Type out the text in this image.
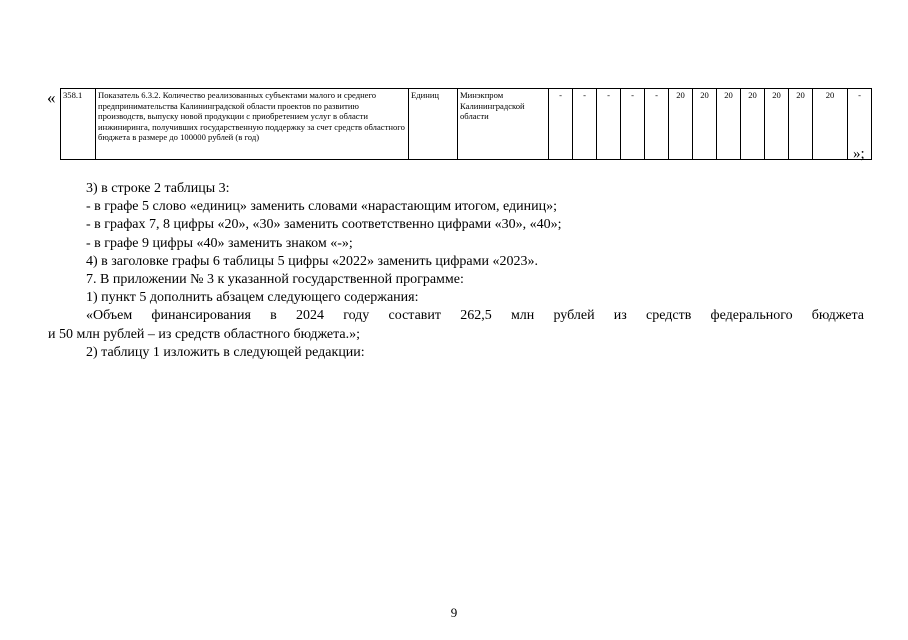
« 358.1	Показатель 6.3.2. Количество реализованных субъектами малого и среднего предпринимательства Калининградской области проектов по развитию производств, выпуску новой продукции с приобретением услуг в области инжиниринга, получивших государственную поддержку за счет средств областного бюджета в размере до 100000 рублей (в год)	Единиц	Минэкпром Калининградской области	-	-	-	-	-	20	20	20	20	20	20	20	-
»;

3) в строке 2 таблицы 3:

- в графе 5 слово «единиц» заменить словами «нарастающим итогом, единиц»;

- в графах 7, 8 цифры «20», «30» заменить соответственно цифрами «30», «40»;

- в графе 9 цифры «40» заменить знаком «-»;

4) в заголовке графы 6 таблицы 5 цифры «2022» заменить цифрами «2023».

7. В приложении № 3 к указанной государственной программе:

1) пункт 5 дополнить абзацем следующего содержания:

«Объем финансирования в 2024 году составит 262,5 млн рублей из средств федерального бюджета

и 50 млн рублей – из средств областного бюджета.»;

2) таблицу 1 изложить в следующей редакции:

9
